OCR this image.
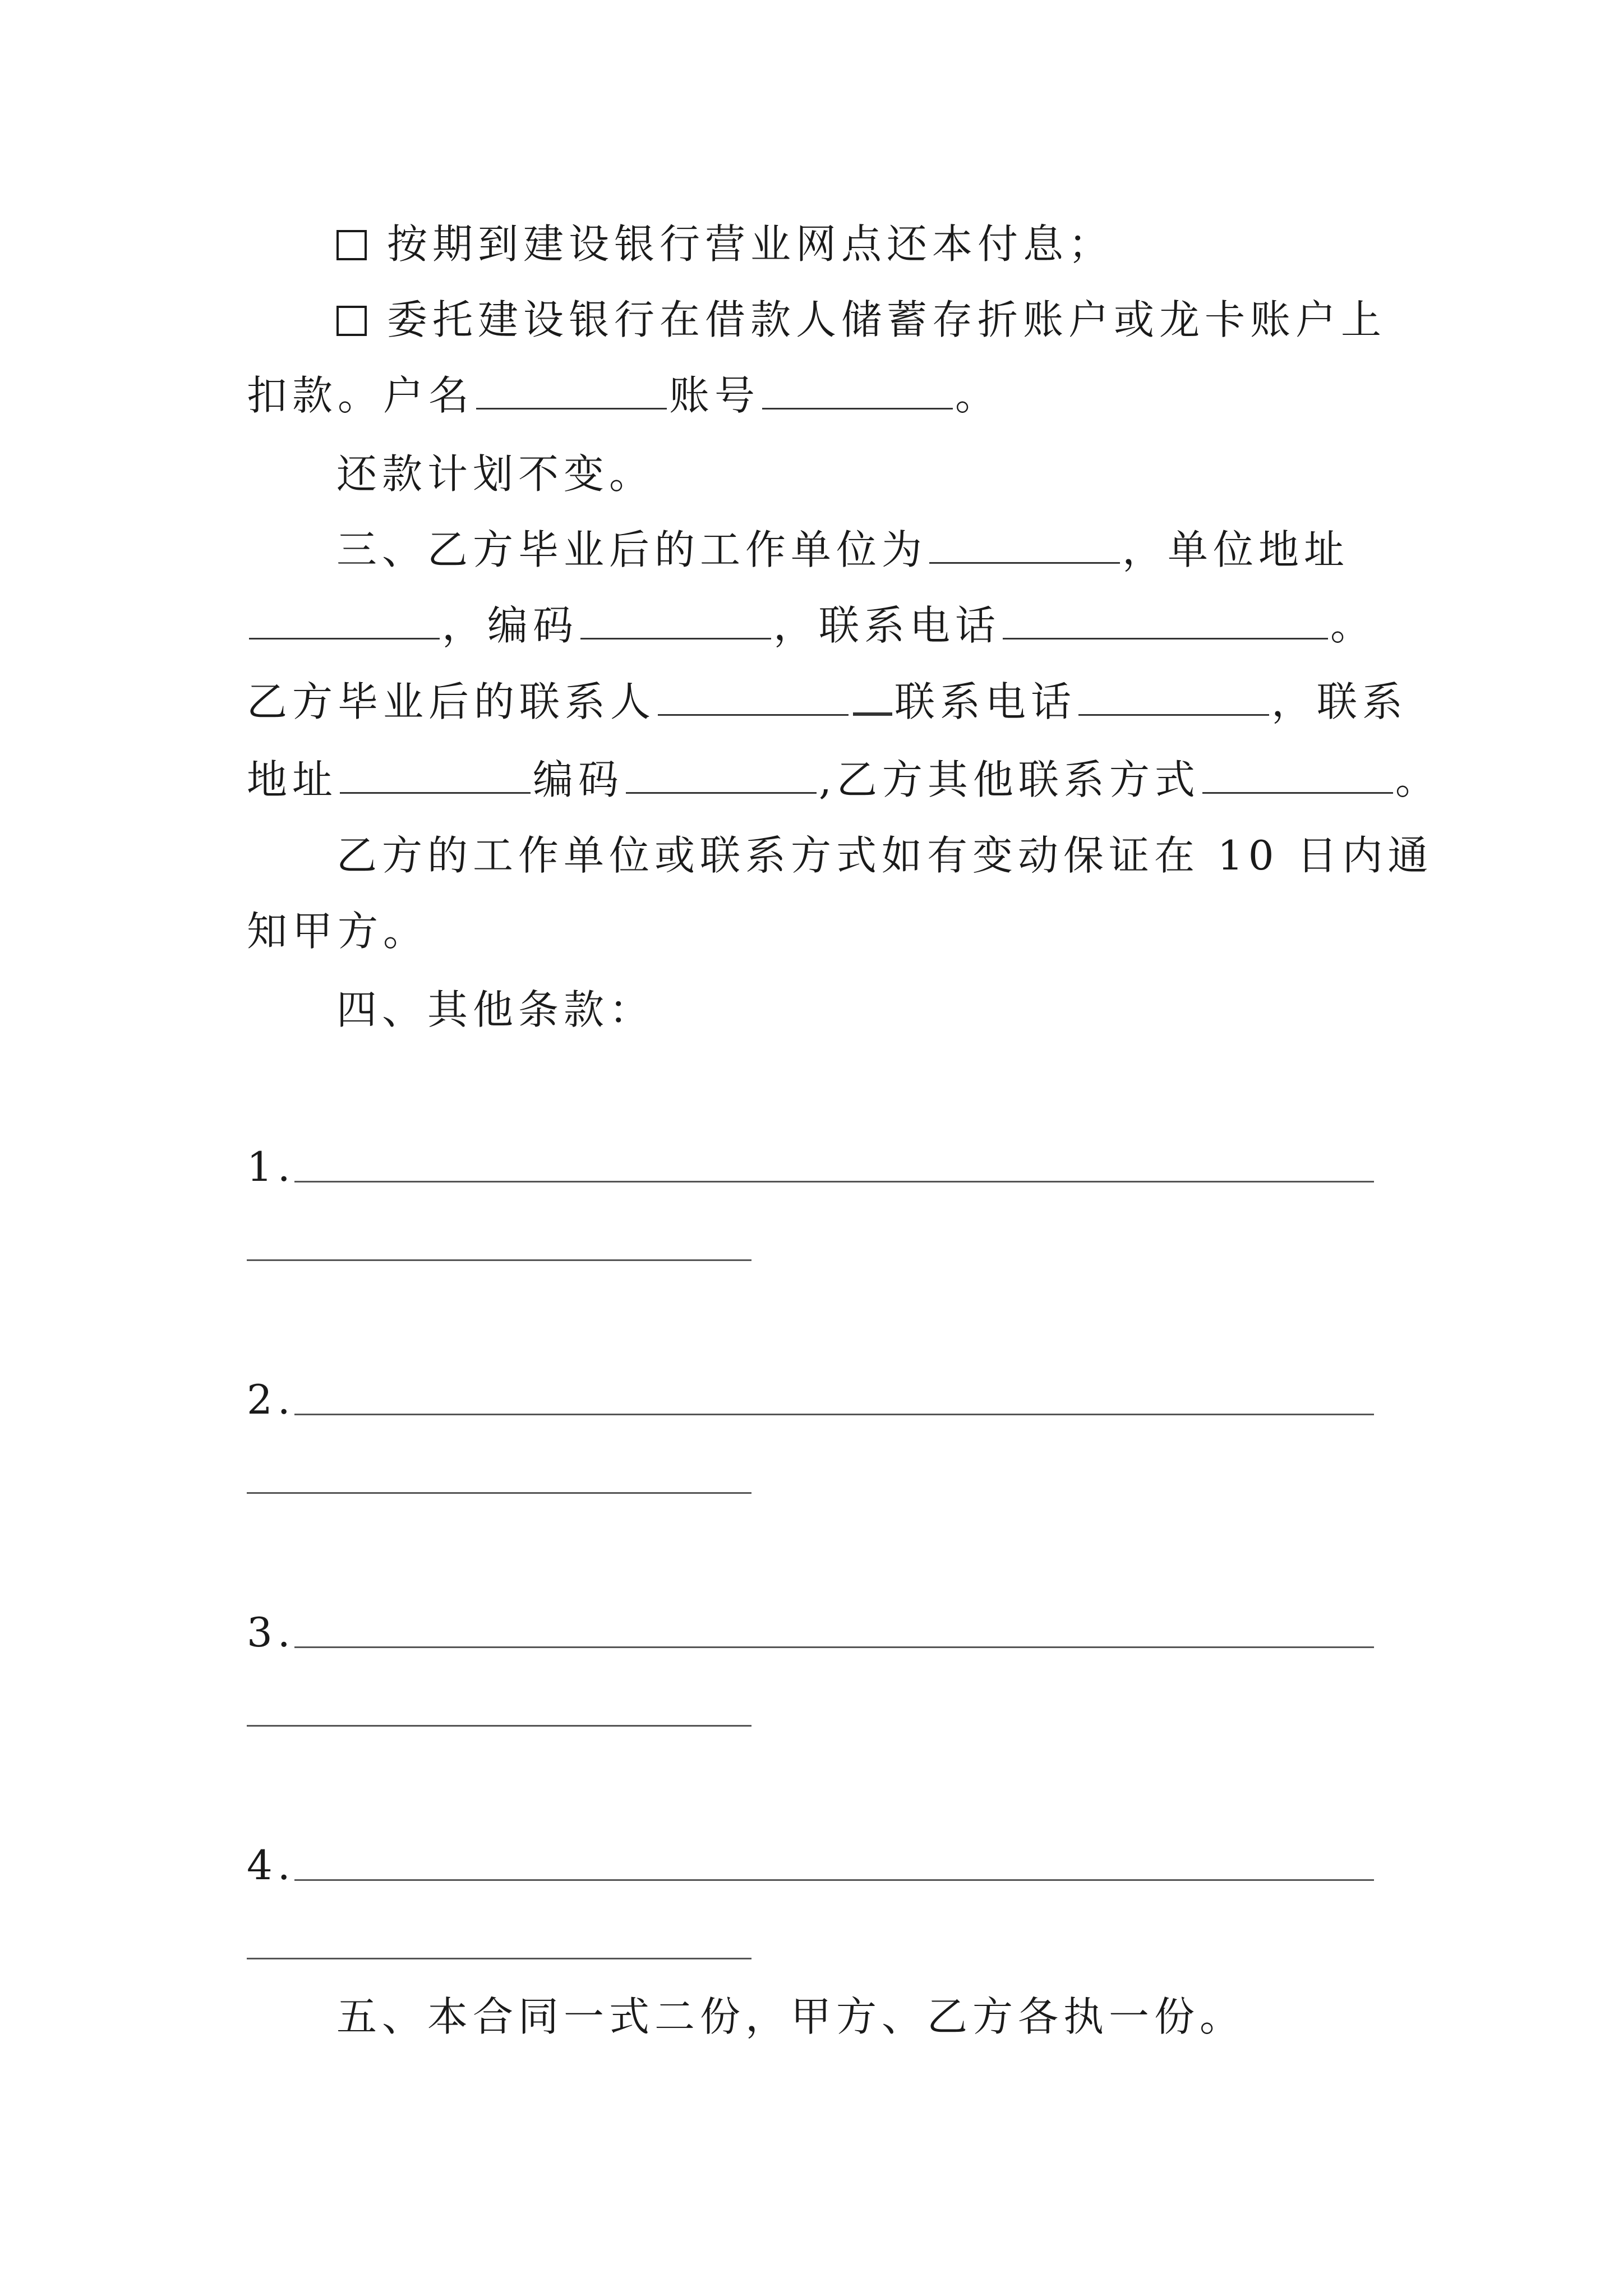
按期到建设银行营业网点还本付息；
委托建设银行在借款人储蓄存折账户或龙卡账户上
扣款。户名	账号	。
还款计划不变。
三、乙方毕业后的工作单位为	，单位地址
，编码	，联系电话	。
乙方毕业后的联系人	联系电话	，联系
地址	编码	,乙方其他联系方式	。
乙方的工作单位或联系方式如有变动保证在 10 日内通
知甲方。
四、其他条款：
1.
2.
3.
4.
五、本合同一式二份，甲方、乙方各执一份。
